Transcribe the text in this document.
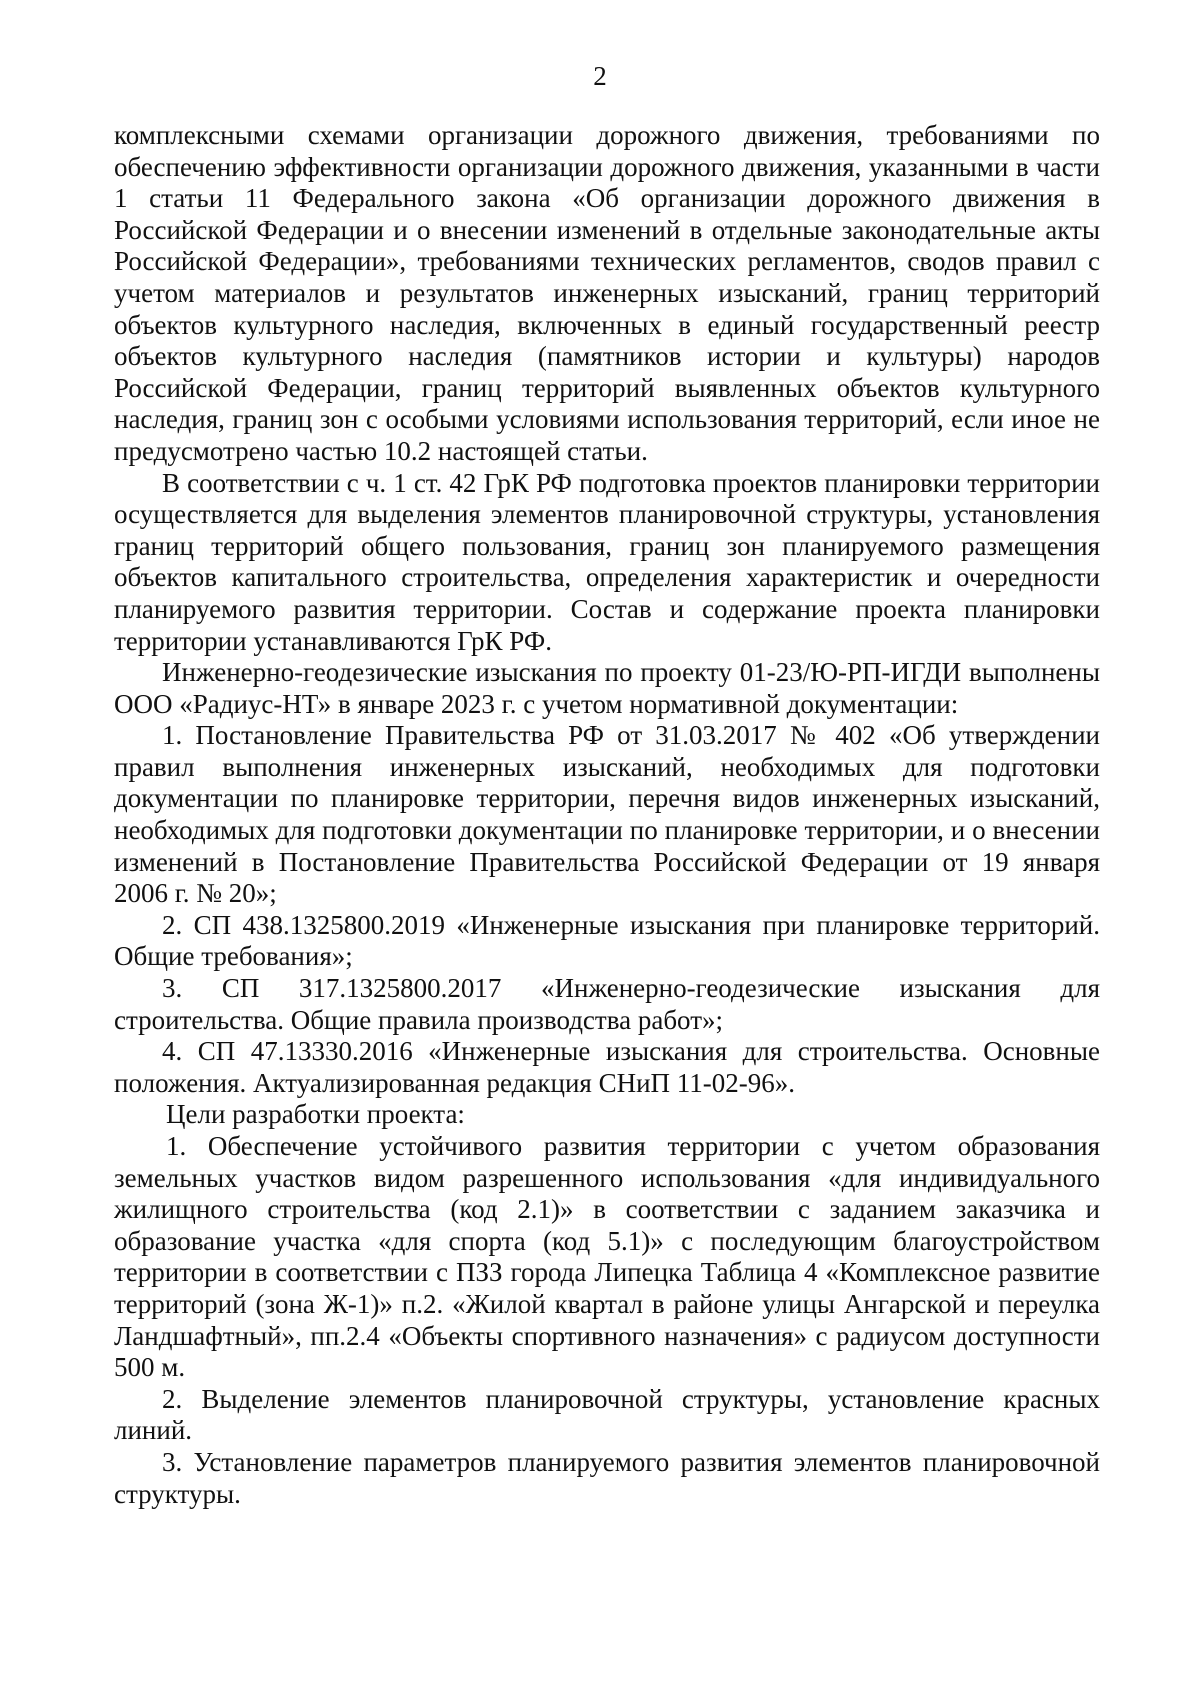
2

комплексными схемами организации дорожного движения, требованиями по обеспечению эффективности организации дорожного движения, указанными в части 1 статьи 11 Федерального закона «Об организации дорожного движения в Российской Федерации и о внесении изменений в отдельные законодательные акты Российской Федерации», требованиями технических регламентов, сводов правил с учетом материалов и результатов инженерных изысканий, границ территорий объектов культурного наследия, включенных в единый государственный реестр объектов культурного наследия (памятников истории и культуры) народов Российской Федерации, границ территорий выявленных объектов культурного наследия, границ зон с особыми условиями использования территорий, если иное не предусмотрено частью 10.2 настоящей статьи.

В соответствии с ч. 1 ст. 42 ГрК РФ подготовка проектов планировки территории осуществляется для выделения элементов планировочной структуры, установления границ территорий общего пользования, границ зон планируемого размещения объектов капитального строительства, определения характеристик и очередности планируемого развития территории. Состав и содержание проекта планировки территории устанавливаются ГрК РФ.

Инженерно-геодезические изыскания по проекту 01-23/Ю-РП-ИГДИ выполнены ООО «Радиус-НТ» в январе 2023 г. с учетом нормативной документации:

1. Постановление Правительства РФ от 31.03.2017 № 402 «Об утверждении правил выполнения инженерных изысканий, необходимых для подготовки документации по планировке территории, перечня видов инженерных изысканий, необходимых для подготовки документации по планировке территории, и о внесении изменений в Постановление Правительства Российской Федерации от 19 января 2006 г. № 20»;

2. СП 438.1325800.2019 «Инженерные изыскания при планировке территорий. Общие требования»;

3. СП 317.1325800.2017 «Инженерно-геодезические изыскания для строительства. Общие правила производства работ»;

4. СП 47.13330.2016 «Инженерные изыскания для строительства. Основные положения. Актуализированная редакция СНиП 11-02-96».

Цели разработки проекта:

1. Обеспечение устойчивого развития территории с учетом образования земельных участков видом разрешенного использования «для индивидуального жилищного строительства (код 2.1)» в соответствии с заданием заказчика и образование участка «для спорта (код 5.1)» с последующим благоустройством территории в соответствии с ПЗЗ города Липецка Таблица 4 «Комплексное развитие территорий (зона Ж-1)» п.2. «Жилой квартал в районе улицы Ангарской и переулка Ландшафтный», пп.2.4 «Объекты спортивного назначения» с радиусом доступности 500 м.

2. Выделение элементов планировочной структуры, установление красных линий.

3. Установление параметров планируемого развития элементов планировочной структуры.
